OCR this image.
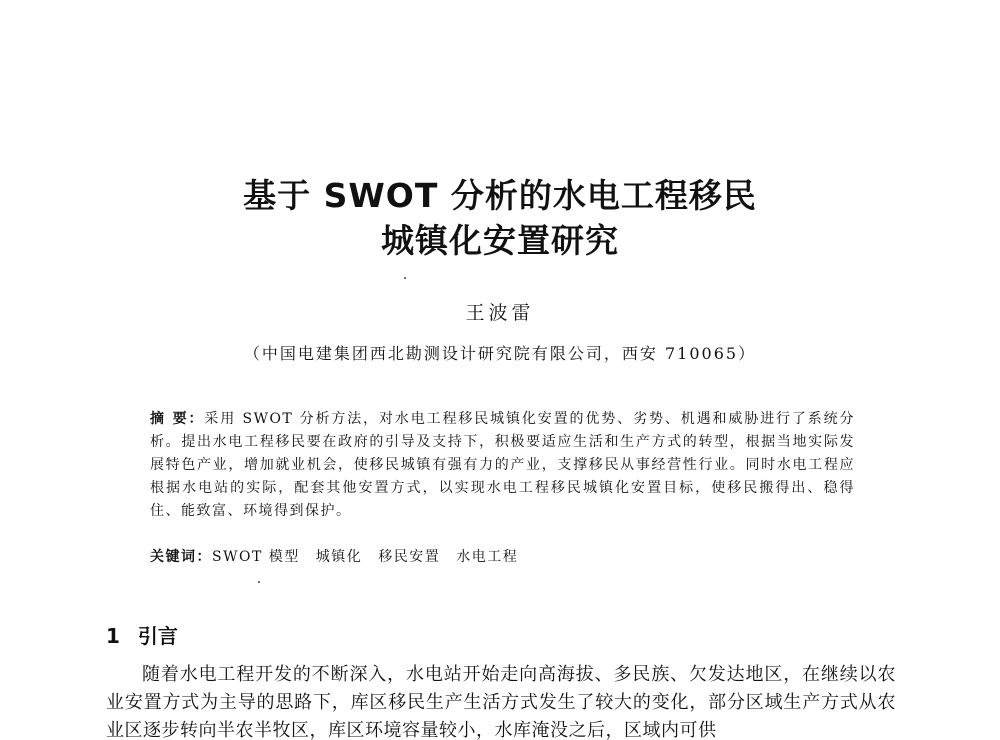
基于 SWOT 分析的水电工程移民
城镇化安置研究
王波雷
（中国电建集团西北勘测设计研究院有限公司，西安 710065）
摘 要：采用 SWOT 分析方法，对水电工程移民城镇化安置的优势、劣势、机遇和威胁进行了系统分析。提出水电工程移民要在政府的引导及支持下，积极要适应生活和生产方式的转型，根据当地实际发展特色产业，增加就业机会，使移民城镇有强有力的产业，支撑移民从事经营性行业。同时水电工程应根据水电站的实际，配套其他安置方式，以实现水电工程移民城镇化安置目标，使移民搬得出、稳得住、能致富、环境得到保护。
关键词：SWOT 模型 城镇化 移民安置 水电工程
1 引言
随着水电工程开发的不断深入，水电站开始走向高海拔、多民族、欠发达地区，在继续以农业安置方式为主导的思路下，库区移民生产生活方式发生了较大的变化，部分区域生产方式从农业区逐步转向半农半牧区，库区环境容量较小，水库淹没之后，区域内可供
